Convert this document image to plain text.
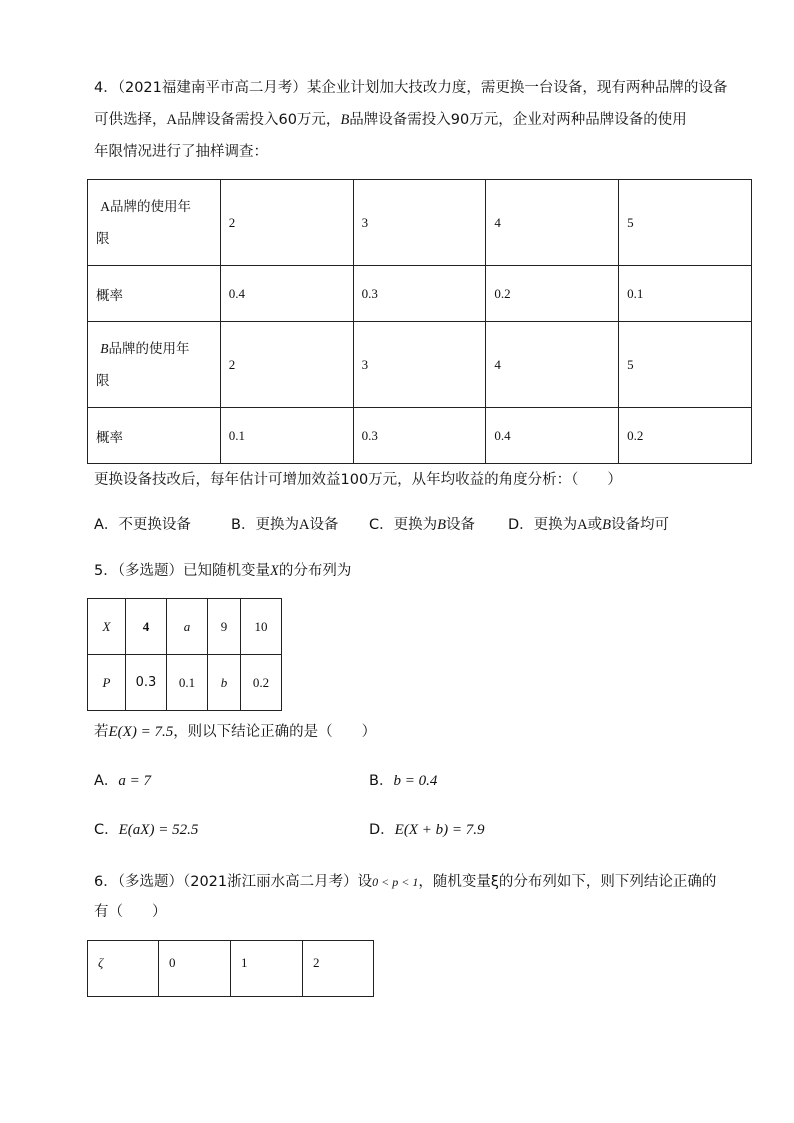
4．（2021福建南平市高二月考）某企业计划加大技改力度，需更换一台设备，现有两种品牌的设备
可供选择，A品牌设备需投入60万元，B品牌设备需投入90万元，企业对两种品牌设备的使用
年限情况进行了抽样调查：
A品牌的使用年
限	2	3	4	5
概率	0.4	0.3	0.2	0.1
B品牌的使用年
限	2	3	4	5
概率	0.1	0.3	0.4	0.2
更换设备技改后，每年估计可增加效益100万元，从年均收益的角度分析：（　　）
A．不更换设备	B．更换为A设备 C．更换为B设备 D．更换为A或B设备均可
5．（多选题）已知随机变量X的分布列为
X	4	a	9	10
P	0.3	0.1	b	0.2
若E(X) = 7.5，则以下结论正确的是（　　）
A．a = 7	B．b = 0.4
C．E(aX) = 52.5	D．E(X + b) = 7.9
6．（多选题）（2021浙江丽水高二月考）设0 < p < 1，随机变量ξ的分布列如下，则下列结论正确的
有（　　）
ζ	0	1	2
